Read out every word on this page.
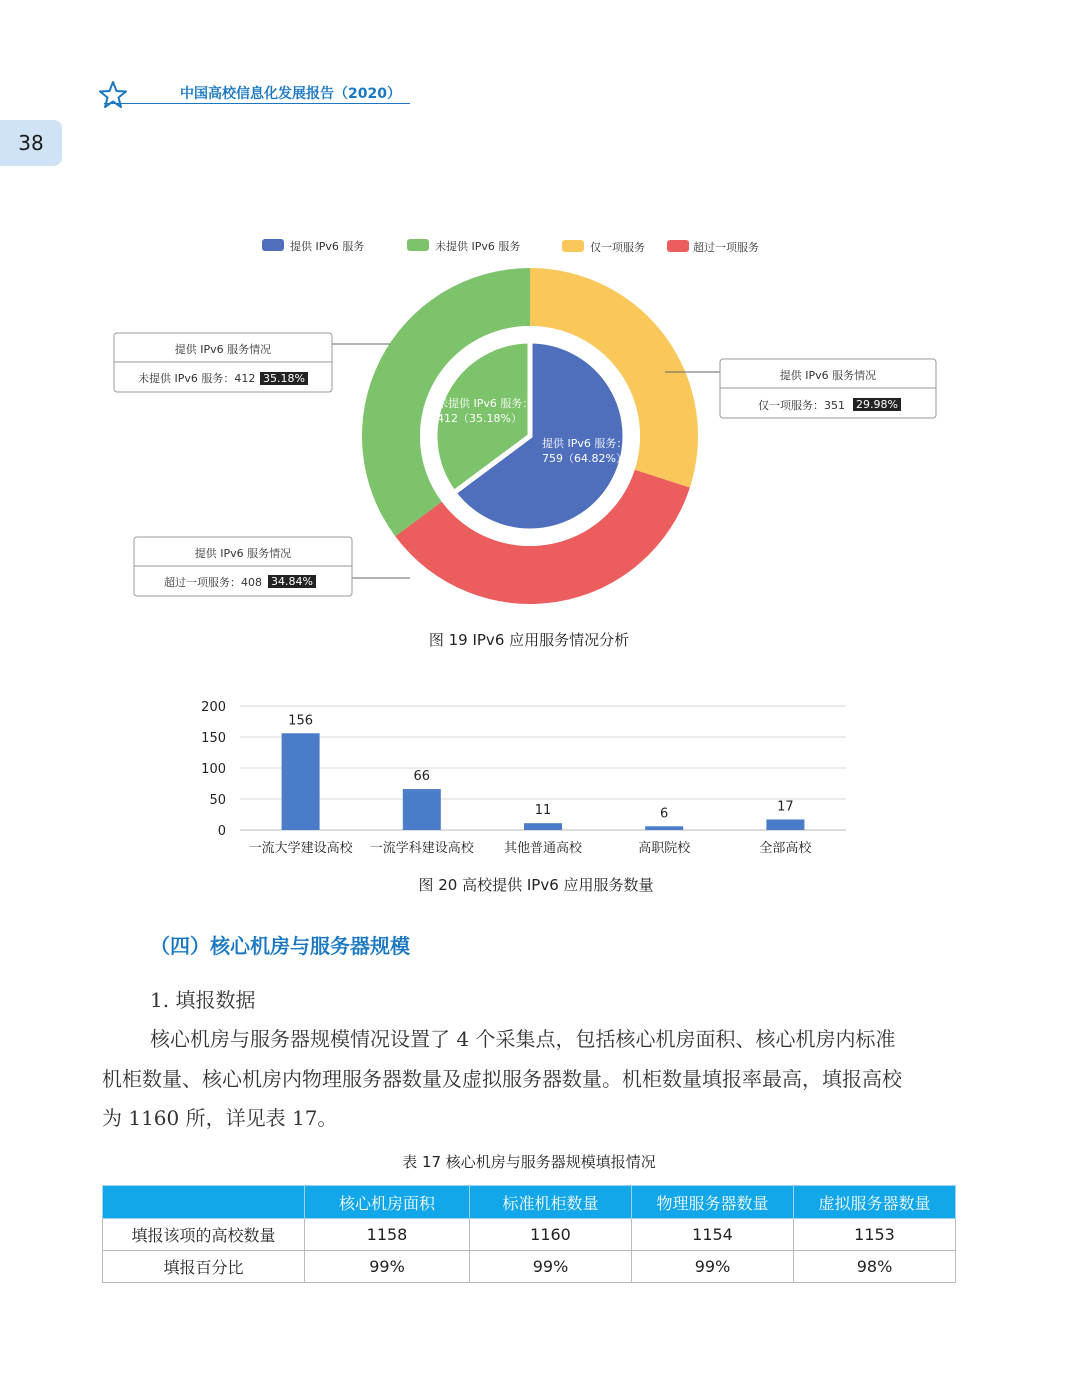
中国高校信息化发展报告（2020）
38
提供 IPv6 服务	未提供 IPv6 服务	仅一项服务	超过一项服务
未提供 IPv6 服务：
412（35.18%）
提供 IPv6 服务：
759（64.82%）
提供 IPv6 服务情况
未提供 IPv6 服务：412 35.18%	提供 IPv6 服务情况
仅一项服务：351 29.98%
提供 IPv6 服务情况
超过一项服务：408 34.84%
图 19 IPv6 应用服务情况分析
0
50
100
150
200
156
一流大学建设高校
66
一流学科建设高校
11
其他普通高校
6
高职院校
17
全部高校
图 20 高校提供 IPv6 应用服务数量
（四）核心机房与服务器规模
1. 填报数据
核心机房与服务器规模情况设置了 4 个采集点，包括核心机房面积、核心机房内标准
机柜数量、核心机房内物理服务器数量及虚拟服务器数量。机柜数量填报率最高，填报高校
为 1160 所，详见表 17。
表 17 核心机房与服务器规模填报情况
	核心机房面积	标准机柜数量	物理服务器数量	虚拟服务器数量
填报该项的高校数量	1158	1160	1154	1153
填报百分比	99%	99%	99%	98%
